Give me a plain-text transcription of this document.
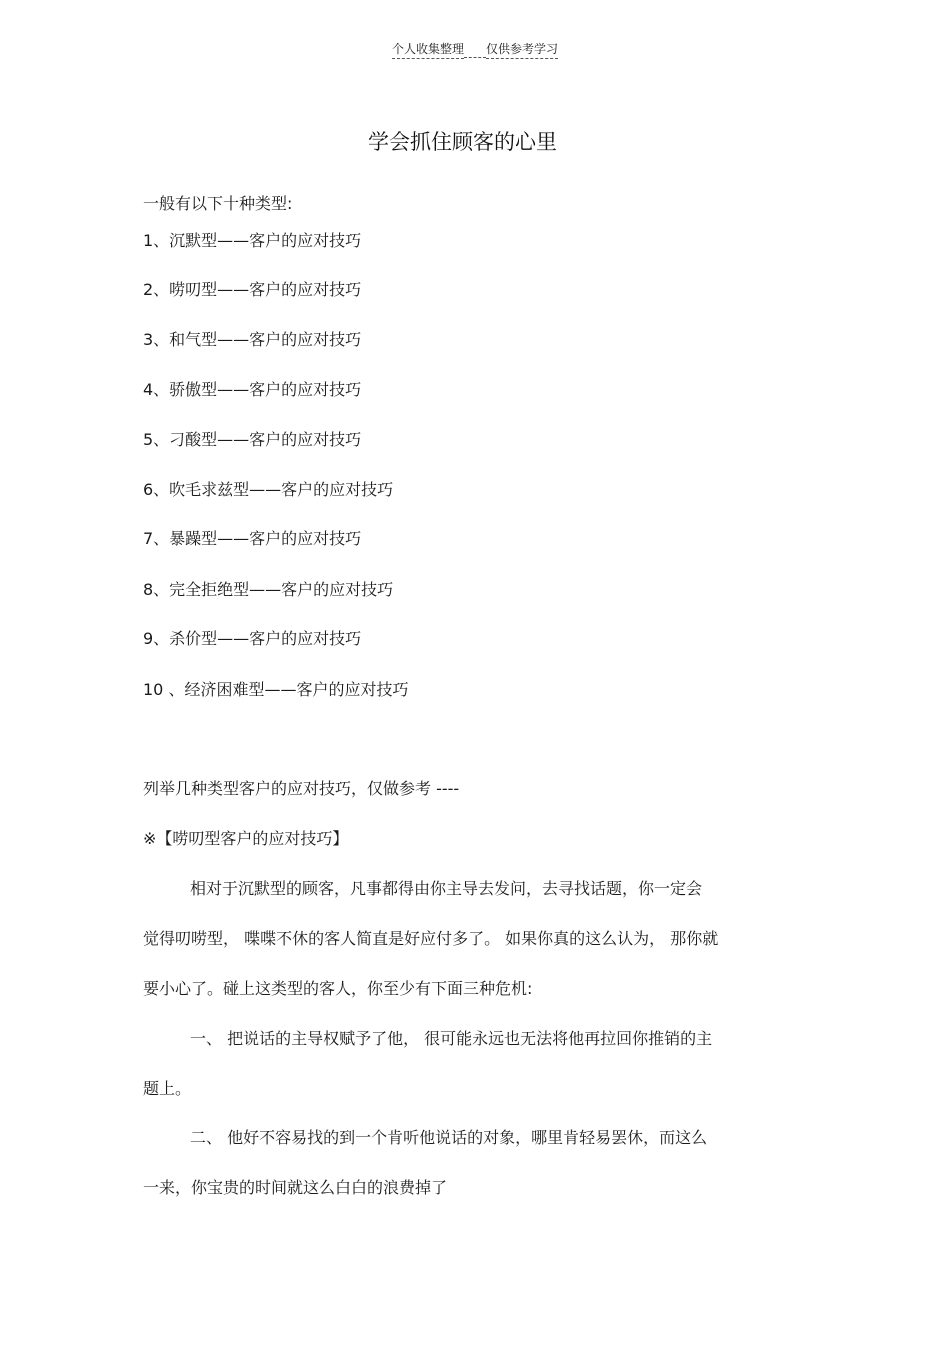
个人收集整理 仅供参考学习
学会抓住顾客的心里
一般有以下十种类型:
1、沉默型——客户的应对技巧
2、唠叨型——客户的应对技巧
3、和气型——客户的应对技巧
4、骄傲型——客户的应对技巧
5、刁酸型——客户的应对技巧
6、吹毛求兹型——客户的应对技巧
7、暴躁型——客户的应对技巧
8、完全拒绝型——客户的应对技巧
9、杀价型——客户的应对技巧
10 、经济困难型——客户的应对技巧
列举几种类型客户的应对技巧，仅做参考 ----
※【唠叨型客户的应对技巧】
相对于沉默型的顾客，凡事都得由你主导去发问，去寻找话题，你一定会
觉得叨唠型， 喋喋不休的客人简直是好应付多了。 如果你真的这么认为， 那你就
要小心了。碰上这类型的客人，你至少有下面三种危机:
一、 把说话的主导权赋予了他， 很可能永远也无法将他再拉回你推销的主
题上。
二、 他好不容易找的到一个肯听他说话的对象，哪里肯轻易罢休，而这么
一来，你宝贵的时间就这么白白的浪费掉了
